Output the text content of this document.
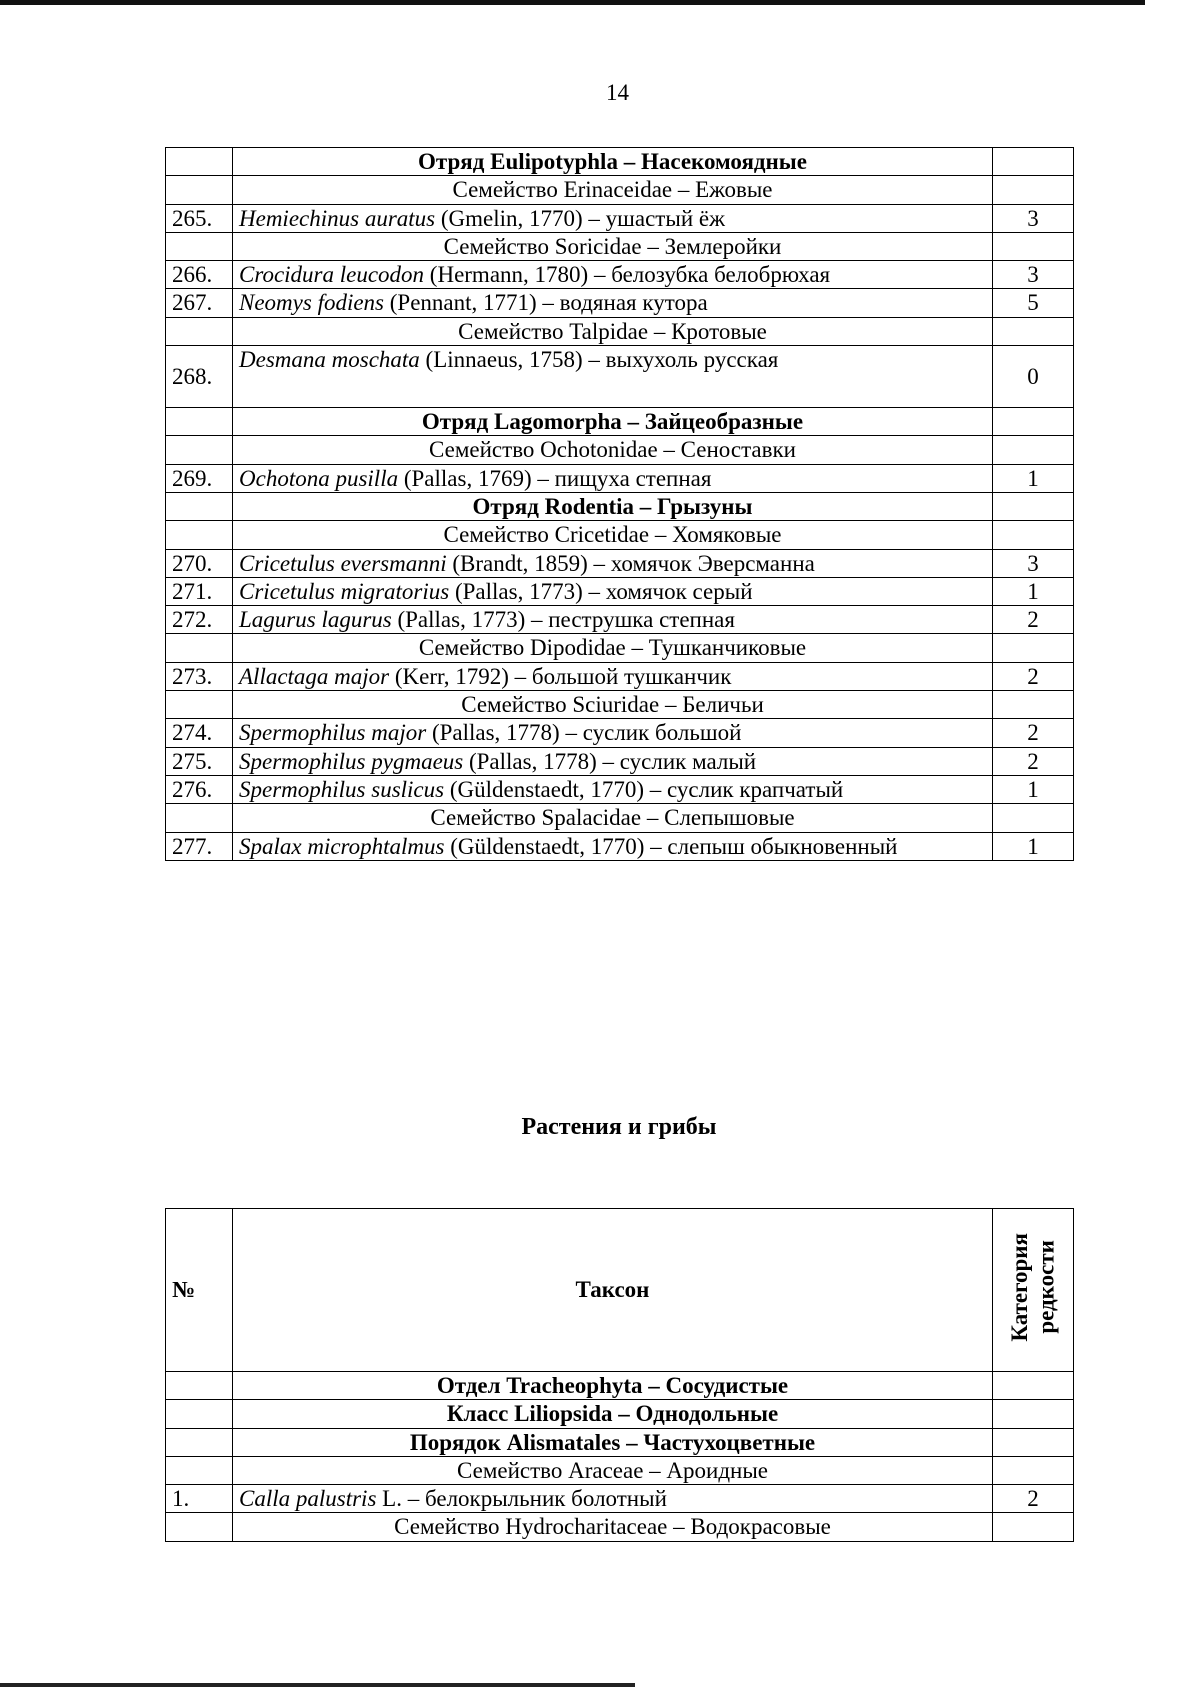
14
	Отряд Eulipotyphla – Насекомоядные	
	Семейство Erinaceidae – Ежовые	
265.	Hemiechinus auratus (Gmelin, 1770) – ушастый ёж	3
	Семейство Soricidae – Землеройки	
266.	Crocidura leucodon (Hermann, 1780) – белозубка белобрюхая	3
267.	Neomys fodiens (Pennant, 1771) – водяная кутора	5
	Семейство Talpidae – Кротовые	
268.	Desmana moschata (Linnaeus, 1758) – выхухоль русская	0
	Отряд Lagomorpha – Зайцеобразные	
	Семейство Ochotonidae – Сеноставки	
269.	Ochotona pusilla (Pallas, 1769) – пищуха степная	1
	Отряд Rodentia – Грызуны	
	Семейство Cricetidae – Хомяковые	
270.	Cricetulus eversmanni (Brandt, 1859) – хомячок Эверсманна	3
271.	Cricetulus migratorius (Pallas, 1773) – хомячок серый	1
272.	Lagurus lagurus (Pallas, 1773) – пеструшка степная	2
	Семейство Dipodidae – Тушканчиковые	
273.	Allactaga major (Kerr, 1792) – большой тушканчик	2
	Семейство Sciuridae – Беличьи	
274.	Spermophilus major (Pallas, 1778) – суслик большой	2
275.	Spermophilus pygmaeus (Pallas, 1778) – суслик малый	2
276.	Spermophilus suslicus (Güldenstaedt, 1770) – суслик крапчатый	1
	Семейство Spalacidae – Слепышовые	
277.	Spalax microphtalmus (Güldenstaedt, 1770) – слепыш обыкновенный	1
Растения и грибы
№	Таксон	Категория
редкости
	Отдел Tracheophyta – Сосудистые	
	Класс Liliopsida – Однодольные	
	Порядок Alismatales – Частухоцветные	
	Семейство Araceae – Ароидные	
1.	Calla palustris L. – белокрыльник болотный	2
	Семейство Hydrocharitaceae – Водокрасовые	
